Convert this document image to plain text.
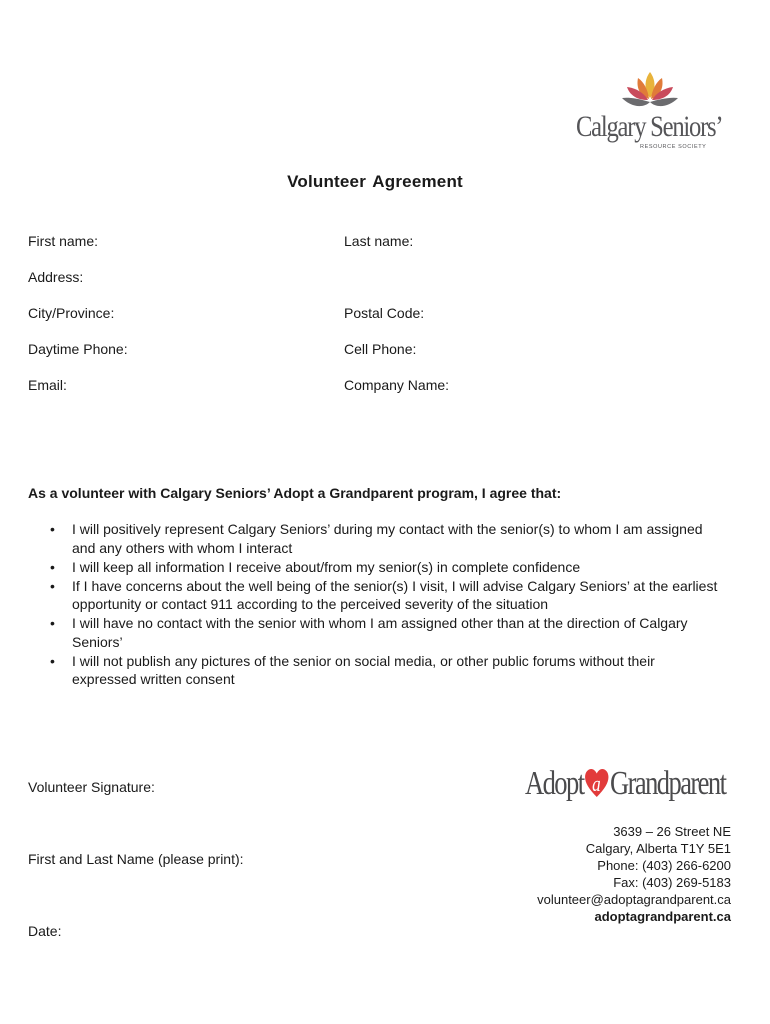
Calgary Seniors’
RESOURCE SOCIETY
Volunteer Agreement
First name:	Last name:
Address:
City/Province:	Postal Code:
Daytime Phone:	Cell Phone:
Email:	Company Name:
As a volunteer with Calgary Seniors’ Adopt a Grandparent program, I agree that:
• I will positively represent Calgary Seniors’ during my contact with the senior(s) to whom I am assigned and any others with whom I interact
• I will keep all information I receive about/from my senior(s) in complete confidence
• If I have concerns about the well being of the senior(s) I visit, I will advise Calgary Seniors’ at the earliest opportunity or contact 911 according to the perceived severity of the situation
• I will have no contact with the senior with whom I am assigned other than at the direction of Calgary Seniors’
• I will not publish any pictures of the senior on social media, or other public forums without their expressed written consent
Volunteer Signature:
First and Last Name (please print):
Date:
Adopt a Grandparent
3639 – 26 Street NE
Calgary, Alberta T1Y 5E1
Phone: (403) 266-6200
Fax: (403) 269-5183
volunteer@adoptagrandparent.ca
adoptagrandparent.ca
